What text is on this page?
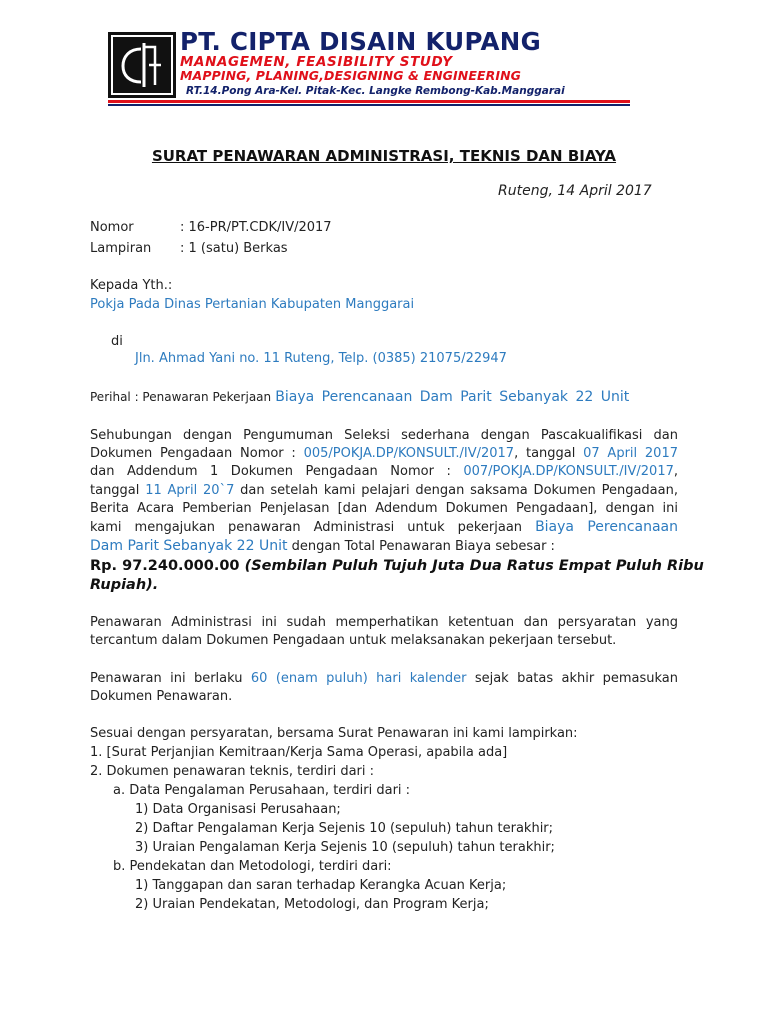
PT. CIPTA DISAIN KUPANG
MANAGEMEN, FEASIBILITY STUDY
MAPPING, PLANING,DESIGNING & ENGINEERING
RT.14.Pong Ara-Kel. Pitak-Kec. Langke Rembong-Kab.Manggarai
SURAT PENAWARAN ADMINISTRASI, TEKNIS DAN BIAYA
Ruteng, 14 April 2017
Nomor	: 16-PR/PT.CDK/IV/2017
Lampiran : 1 (satu) Berkas
Kepada Yth.:
Pokja Pada Dinas Pertanian Kabupaten Manggarai
di
Jln. Ahmad Yani no. 11 Ruteng, Telp. (0385) 21075/22947
Perihal : Penawaran Pekerjaan Biaya Perencanaan Dam Parit Sebanyak 22 Unit
Sehubungan dengan Pengumuman Seleksi sederhana dengan Pascakualifikasi dan
Dokumen Pengadaan Nomor : 005/POKJA.DP/KONSULT./IV/2017, tanggal 07 April 2017
dan Addendum 1 Dokumen Pengadaan Nomor : 007/POKJA.DP/KONSULT./IV/2017,
tanggal 11 April 20`7 dan setelah kami pelajari dengan saksama Dokumen Pengadaan,
Berita Acara Pemberian Penjelasan [dan Adendum Dokumen Pengadaan], dengan ini
kami mengajukan penawaran Administrasi untuk pekerjaan Biaya Perencanaan
Dam Parit Sebanyak 22 Unit dengan Total Penawaran Biaya sebesar :
Rp. 97.240.000.00 (Sembilan Puluh Tujuh Juta Dua Ratus Empat Puluh Ribu
Rupiah).
Penawaran Administrasi ini sudah memperhatikan ketentuan dan persyaratan yang
tercantum dalam Dokumen Pengadaan untuk melaksanakan pekerjaan tersebut.
Penawaran ini berlaku 60 (enam puluh) hari kalender sejak batas akhir pemasukan
Dokumen Penawaran.
Sesuai dengan persyaratan, bersama Surat Penawaran ini kami lampirkan:
1. [Surat Perjanjian Kemitraan/Kerja Sama Operasi, apabila ada]
2. Dokumen penawaran teknis, terdiri dari :
a. Data Pengalaman Perusahaan, terdiri dari :
1) Data Organisasi Perusahaan;
2) Daftar Pengalaman Kerja Sejenis 10 (sepuluh) tahun terakhir;
3) Uraian Pengalaman Kerja Sejenis 10 (sepuluh) tahun terakhir;
b. Pendekatan dan Metodologi, terdiri dari:
1) Tanggapan dan saran terhadap Kerangka Acuan Kerja;
2) Uraian Pendekatan, Metodologi, dan Program Kerja;
